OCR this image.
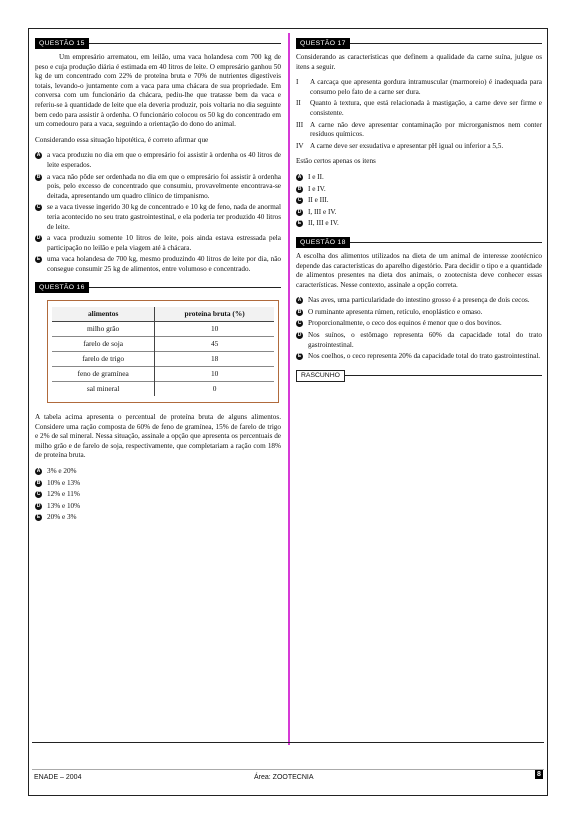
QUESTÃO 15

Um empresário arrematou, em leilão, uma vaca holandesa com 700 kg de peso e cuja produção diária é estimada em 40 litros de leite. O empresário ganhou 50 kg de um concentrado com 22% de proteína bruta e 70% de nutrientes digestíveis totais, levando-o juntamente com a vaca para uma chácara de sua propriedade. Em conversa com um funcionário da chácara, pediu-lhe que tratasse bem da vaca e referiu-se à quantidade de leite que ela deveria produzir, pois voltaria no dia seguinte bem cedo para assistir à ordenha. O funcionário colocou os 50 kg do concentrado em um comedouro para a vaca, seguindo a orientação do dono do animal.

Considerando essa situação hipotética, é correto afirmar que

A a vaca produziu no dia em que o empresário foi assistir à ordenha os 40 litros de leite esperados.
B a vaca não pôde ser ordenhada no dia em que o empresário foi assistir à ordenha pois, pelo excesso de concentrado que consumiu, provavelmente encontrava-se deitada, apresentando um quadro clínico de timpanismo.
C se a vaca tivesse ingerido 30 kg de concentrado e 10 kg de feno, nada de anormal teria acontecido no seu trato gastrointestinal, e ela poderia ter produzido 40 litros de leite.
D a vaca produziu somente 10 litros de leite, pois ainda estava estressada pela participação no leilão e pela viagem até à chácara.
E uma vaca holandesa de 700 kg, mesmo produzindo 40 litros de leite por dia, não consegue consumir 25 kg de alimentos, entre volumoso e concentrado.
QUESTÃO 16
alimentos	proteína bruta (%)
milho grão	10
farelo de soja	45
farelo de trigo	18
feno de gramínea	10
sal mineral	0

A tabela acima apresenta o percentual de proteína bruta de alguns alimentos. Considere uma ração composta de 60% de feno de gramínea, 15% de farelo de trigo e 2% de sal mineral. Nessa situação, assinale a opção que apresenta os percentuais de milho grão e de farelo de soja, respectivamente, que completariam a ração com 18% de proteína bruta.

A 3% e 20%
B 10% e 13%
C 12% e 11%
D 13% e 10%
E 20% e 3%
QUESTÃO 17

Considerando as características que definem a qualidade da carne suína, julgue os itens a seguir.

I A carcaça que apresenta gordura intramuscular (marmoreio) é inadequada para consumo pelo fato de a carne ser dura.
II Quanto à textura, que está relacionada à mastigação, a carne deve ser firme e consistente.
III A carne não deve apresentar contaminação por microrganismos nem conter resíduos químicos.
IV A carne deve ser exsudativa e apresentar pH igual ou inferior a 5,5.

Estão certos apenas os itens

A I e II.
B I e IV.
C II e III.
D I, III e IV.
E II, III e IV.
QUESTÃO 18

A escolha dos alimentos utilizados na dieta de um animal de interesse zootécnico depende das características do aparelho digestório. Para decidir o tipo e a quantidade de alimentos presentes na dieta dos animais, o zootecnista deve conhecer essas características. Nesse contexto, assinale a opção correta.

A Nas aves, uma particularidade do intestino grosso é a presença de dois cecos.
B O ruminante apresenta rúmen, retículo, enoplástico e omaso.
C Proporcionalmente, o ceco dos equinos é menor que o dos bovinos.
D Nos suínos, o estômago representa 60% da capacidade total do trato gastrointestinal.
E Nos coelhos, o ceco representa 20% da capacidade total do trato gastrointestinal.
RASCUNHO
ENADE – 2004	Área: ZOOTECNIA	8
